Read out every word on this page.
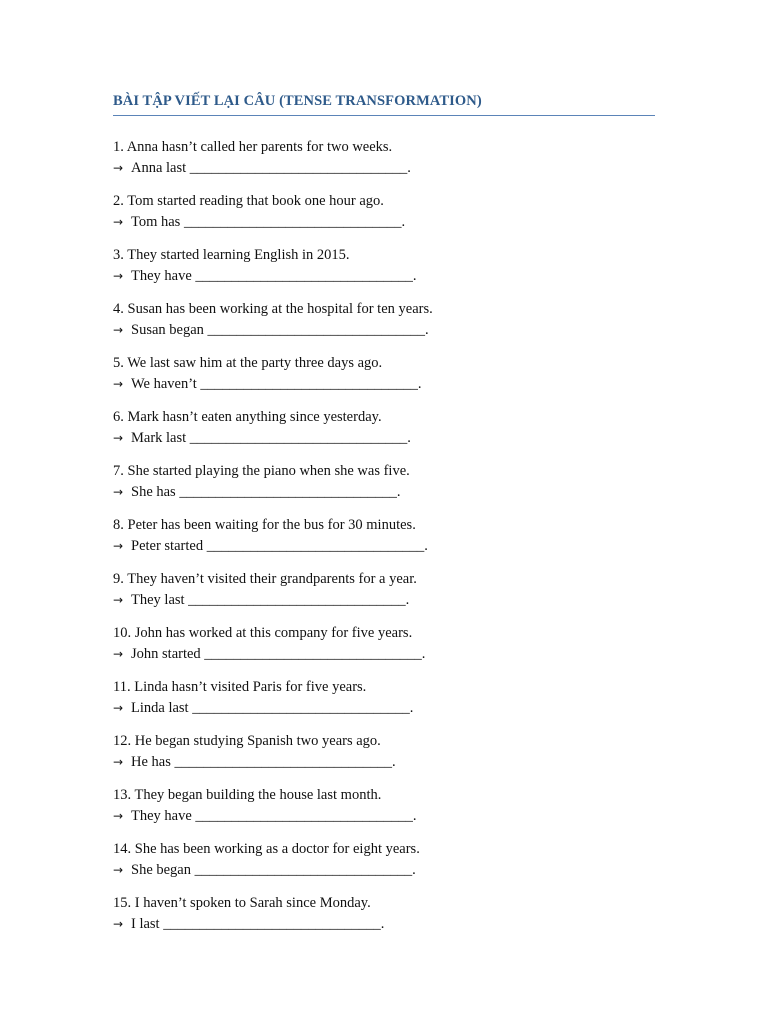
BÀI TẬP VIẾT LẠI CÂU (TENSE TRANSFORMATION)
1. Anna hasn’t called her parents for two weeks.
→ Anna last ______________________________.
2. Tom started reading that book one hour ago.
→ Tom has ______________________________.
3. They started learning English in 2015.
→ They have ______________________________.
4. Susan has been working at the hospital for ten years.
→ Susan began ______________________________.
5. We last saw him at the party three days ago.
→ We haven’t ______________________________.
6. Mark hasn’t eaten anything since yesterday.
→ Mark last ______________________________.
7. She started playing the piano when she was five.
→ She has ______________________________.
8. Peter has been waiting for the bus for 30 minutes.
→ Peter started ______________________________.
9. They haven’t visited their grandparents for a year.
→ They last ______________________________.
10. John has worked at this company for five years.
→ John started ______________________________.
11. Linda hasn’t visited Paris for five years.
→ Linda last ______________________________.
12. He began studying Spanish two years ago.
→ He has ______________________________.
13. They began building the house last month.
→ They have ______________________________.
14. She has been working as a doctor for eight years.
→ She began ______________________________.
15. I haven’t spoken to Sarah since Monday.
→ I last ______________________________.
